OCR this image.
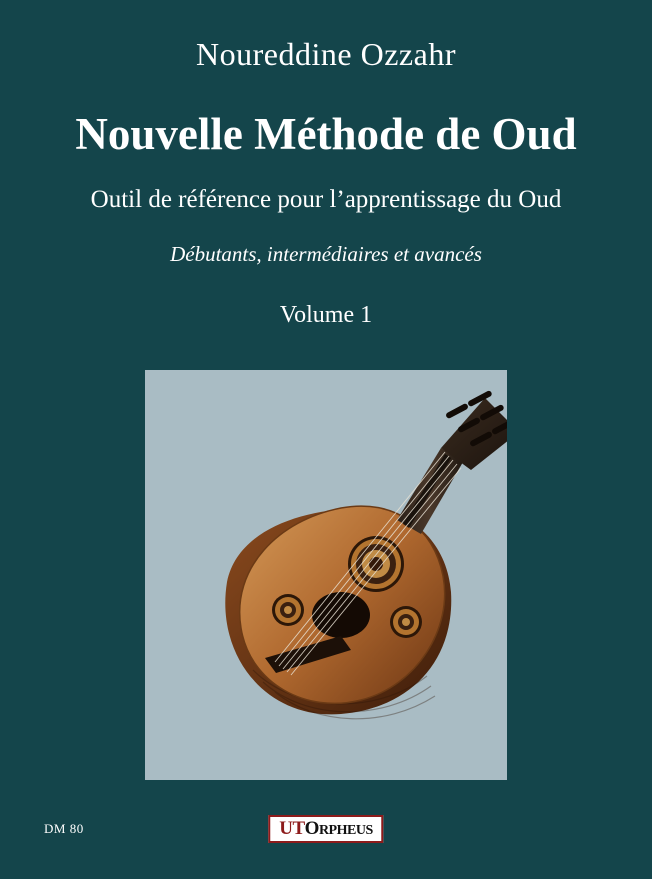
Noureddine Ozzahr
Nouvelle Méthode de Oud
Outil de référence pour l’apprentissage du Oud
Débutants, intermédiaires et avancés
Volume 1
DM 80	UT O RPHEUS
